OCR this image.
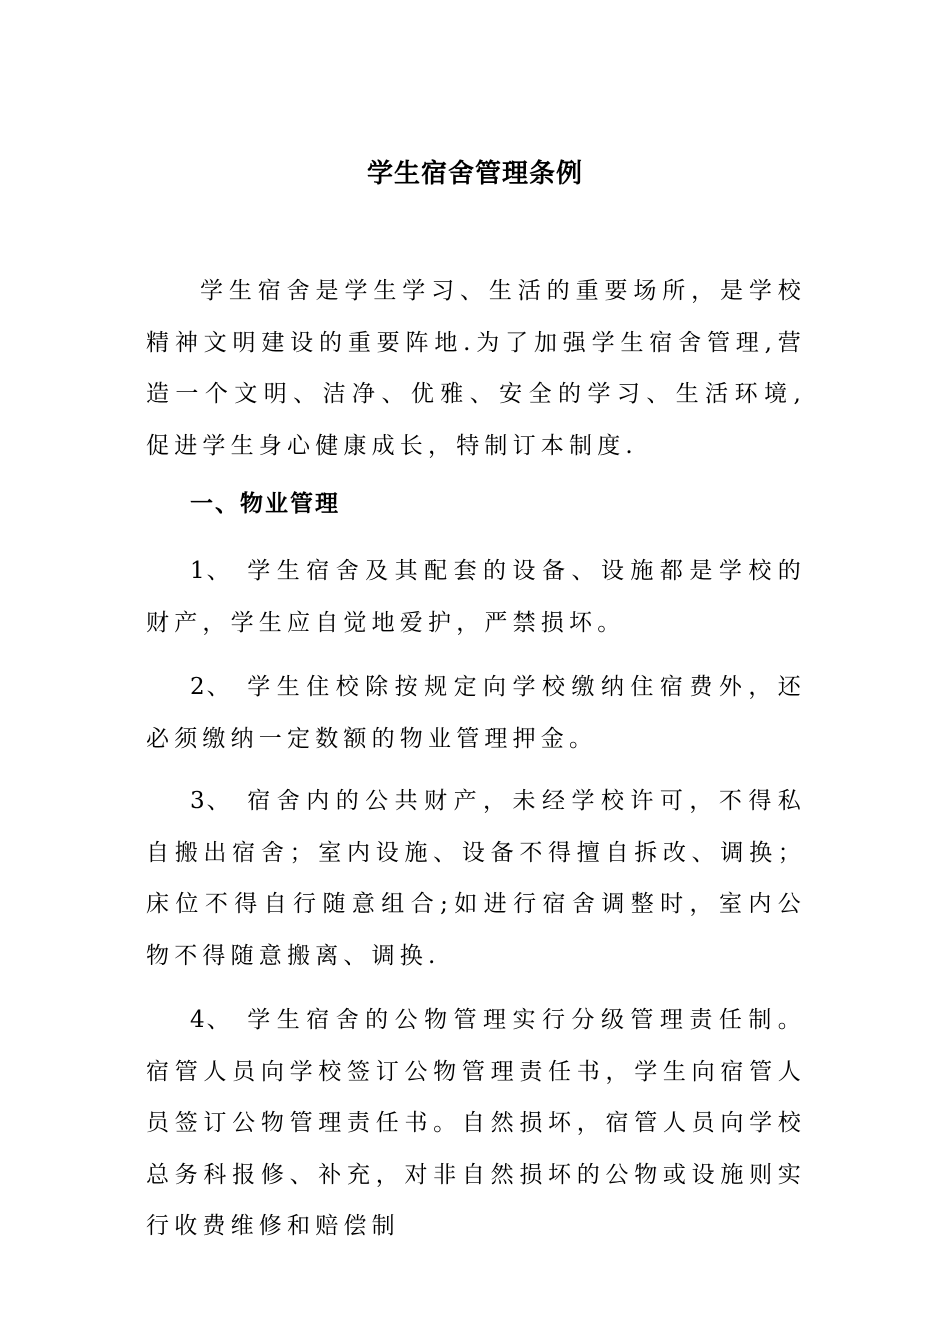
学生宿舍管理条例
学生宿舍是学生学习、生活的重要场所，是学校精神文明建设的重要阵地.为了加强学生宿舍管理,营造一个文明、洁净、优雅、安全的学习、生活环境,促进学生身心健康成长，特制订本制度.
一、物业管理
1、 学生宿舍及其配套的设备、设施都是学校的财产，学生应自觉地爱护，严禁损坏。
2、 学生住校除按规定向学校缴纳住宿费外，还必须缴纳一定数额的物业管理押金。
3、 宿舍内的公共财产，未经学校许可，不得私自搬出宿舍；室内设施、设备不得擅自拆改、调换；床位不得自行随意组合;如进行宿舍调整时，室内公物不得随意搬离、调换.
4、 学生宿舍的公物管理实行分级管理责任制。宿管人员向学校签订公物管理责任书，学生向宿管人员签订公物管理责任书。自然损坏，宿管人员向学校总务科报修、补充，对非自然损坏的公物或设施则实行收费维修和赔偿制
